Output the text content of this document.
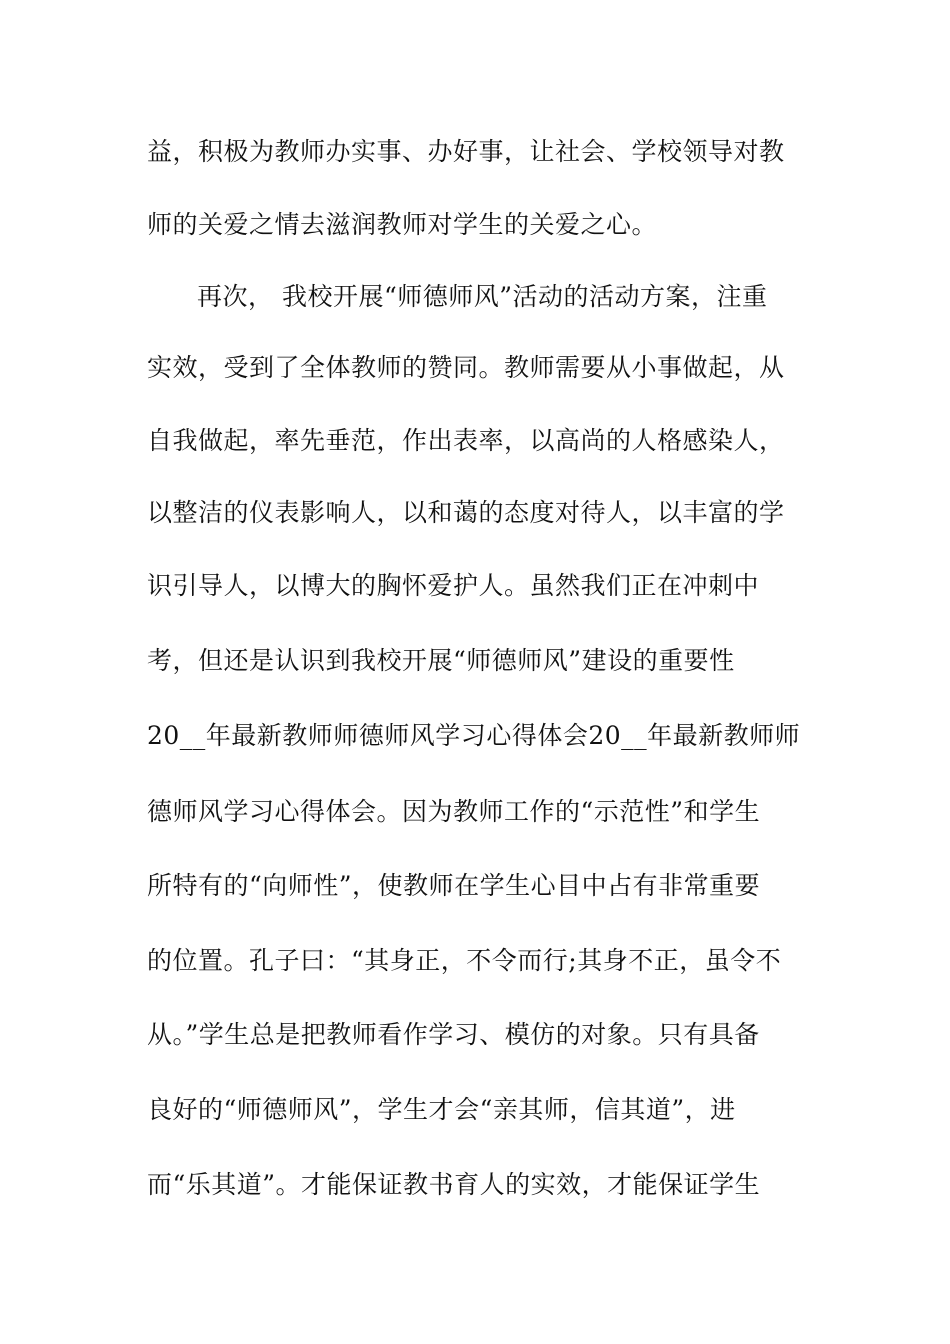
益，积极为教师办实事、办好事，让社会、学校领导对教
师的关爱之情去滋润教师对学生的关爱之心。
再次， 我校开展“师德师风”活动的活动方案，注重
实效，受到了全体教师的赞同。教师需要从小事做起，从
自我做起，率先垂范，作出表率，以高尚的人格感染人，
以整洁的仪表影响人，以和蔼的态度对待人，以丰富的学
识引导人，以博大的胸怀爱护人。虽然我们正在冲刺中
考，但还是认识到我校开展“师德师风”建设的重要性
20__年最新教师师德师风学习心得体会20__年最新教师师
德师风学习心得体会。因为教师工作的“示范性”和学生
所特有的“向师性”，使教师在学生心目中占有非常重要
的位置。孔子曰：“其身正，不令而行;其身不正，虽令不
从。”学生总是把教师看作学习、模仿的对象。只有具备
良好的“师德师风”，学生才会“亲其师，信其道”，进
而“乐其道”。才能保证教书育人的实效，才能保证学生
